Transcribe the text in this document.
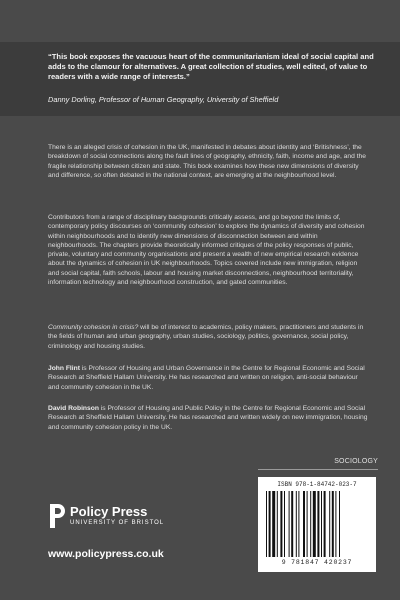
“This book exposes the vacuous heart of the communitarianism ideal of social capital and adds to the clamour for alternatives. A great collection of studies, well edited, of value to readers with a wide range of interests.”
Danny Dorling, Professor of Human Geography, University of Sheffield
There is an alleged crisis of cohesion in the UK, manifested in debates about identity and ‘Britishness’, the breakdown of social connections along the fault lines of geography, ethnicity, faith, income and age, and the fragile relationship between citizen and state. This book examines how these new dimensions of diversity and difference, so often debated in the national context, are emerging at the neighbourhood level.
Contributors from a range of disciplinary backgrounds critically assess, and go beyond the limits of, contemporary policy discourses on ‘community cohesion’ to explore the dynamics of diversity and cohesion within neighbourhoods and to identify new dimensions of disconnection between and within neighbourhoods. The chapters provide theoretically informed critiques of the policy responses of public, private, voluntary and community organisations and present a wealth of new empirical research evidence about the dynamics of cohesion in UK neighbourhoods. Topics covered include new immigration, religion and social capital, faith schools, labour and housing market disconnections, neighbourhood territoriality, information technology and neighbourhood construction, and gated communities.
Community cohesion in crisis? will be of interest to academics, policy makers, practitioners and students in the fields of human and urban geography, urban studies, sociology, politics, governance, social policy, criminology and housing studies.
John Flint is Professor of Housing and Urban Governance in the Centre for Regional Economic and Social Research at Sheffield Hallam University. He has researched and written on religion, anti-social behaviour and community cohesion in the UK.
David Robinson is Professor of Housing and Public Policy in the Centre for Regional Economic and Social Research at Sheffield Hallam University. He has researched and written widely on new immigration, housing and community cohesion policy in the UK.
SOCIOLOGY
ISBN 978-1-84742-023-7
9 781847 420237
Policy Press
UNIVERSITY OF BRISTOL
www.policypress.co.uk
